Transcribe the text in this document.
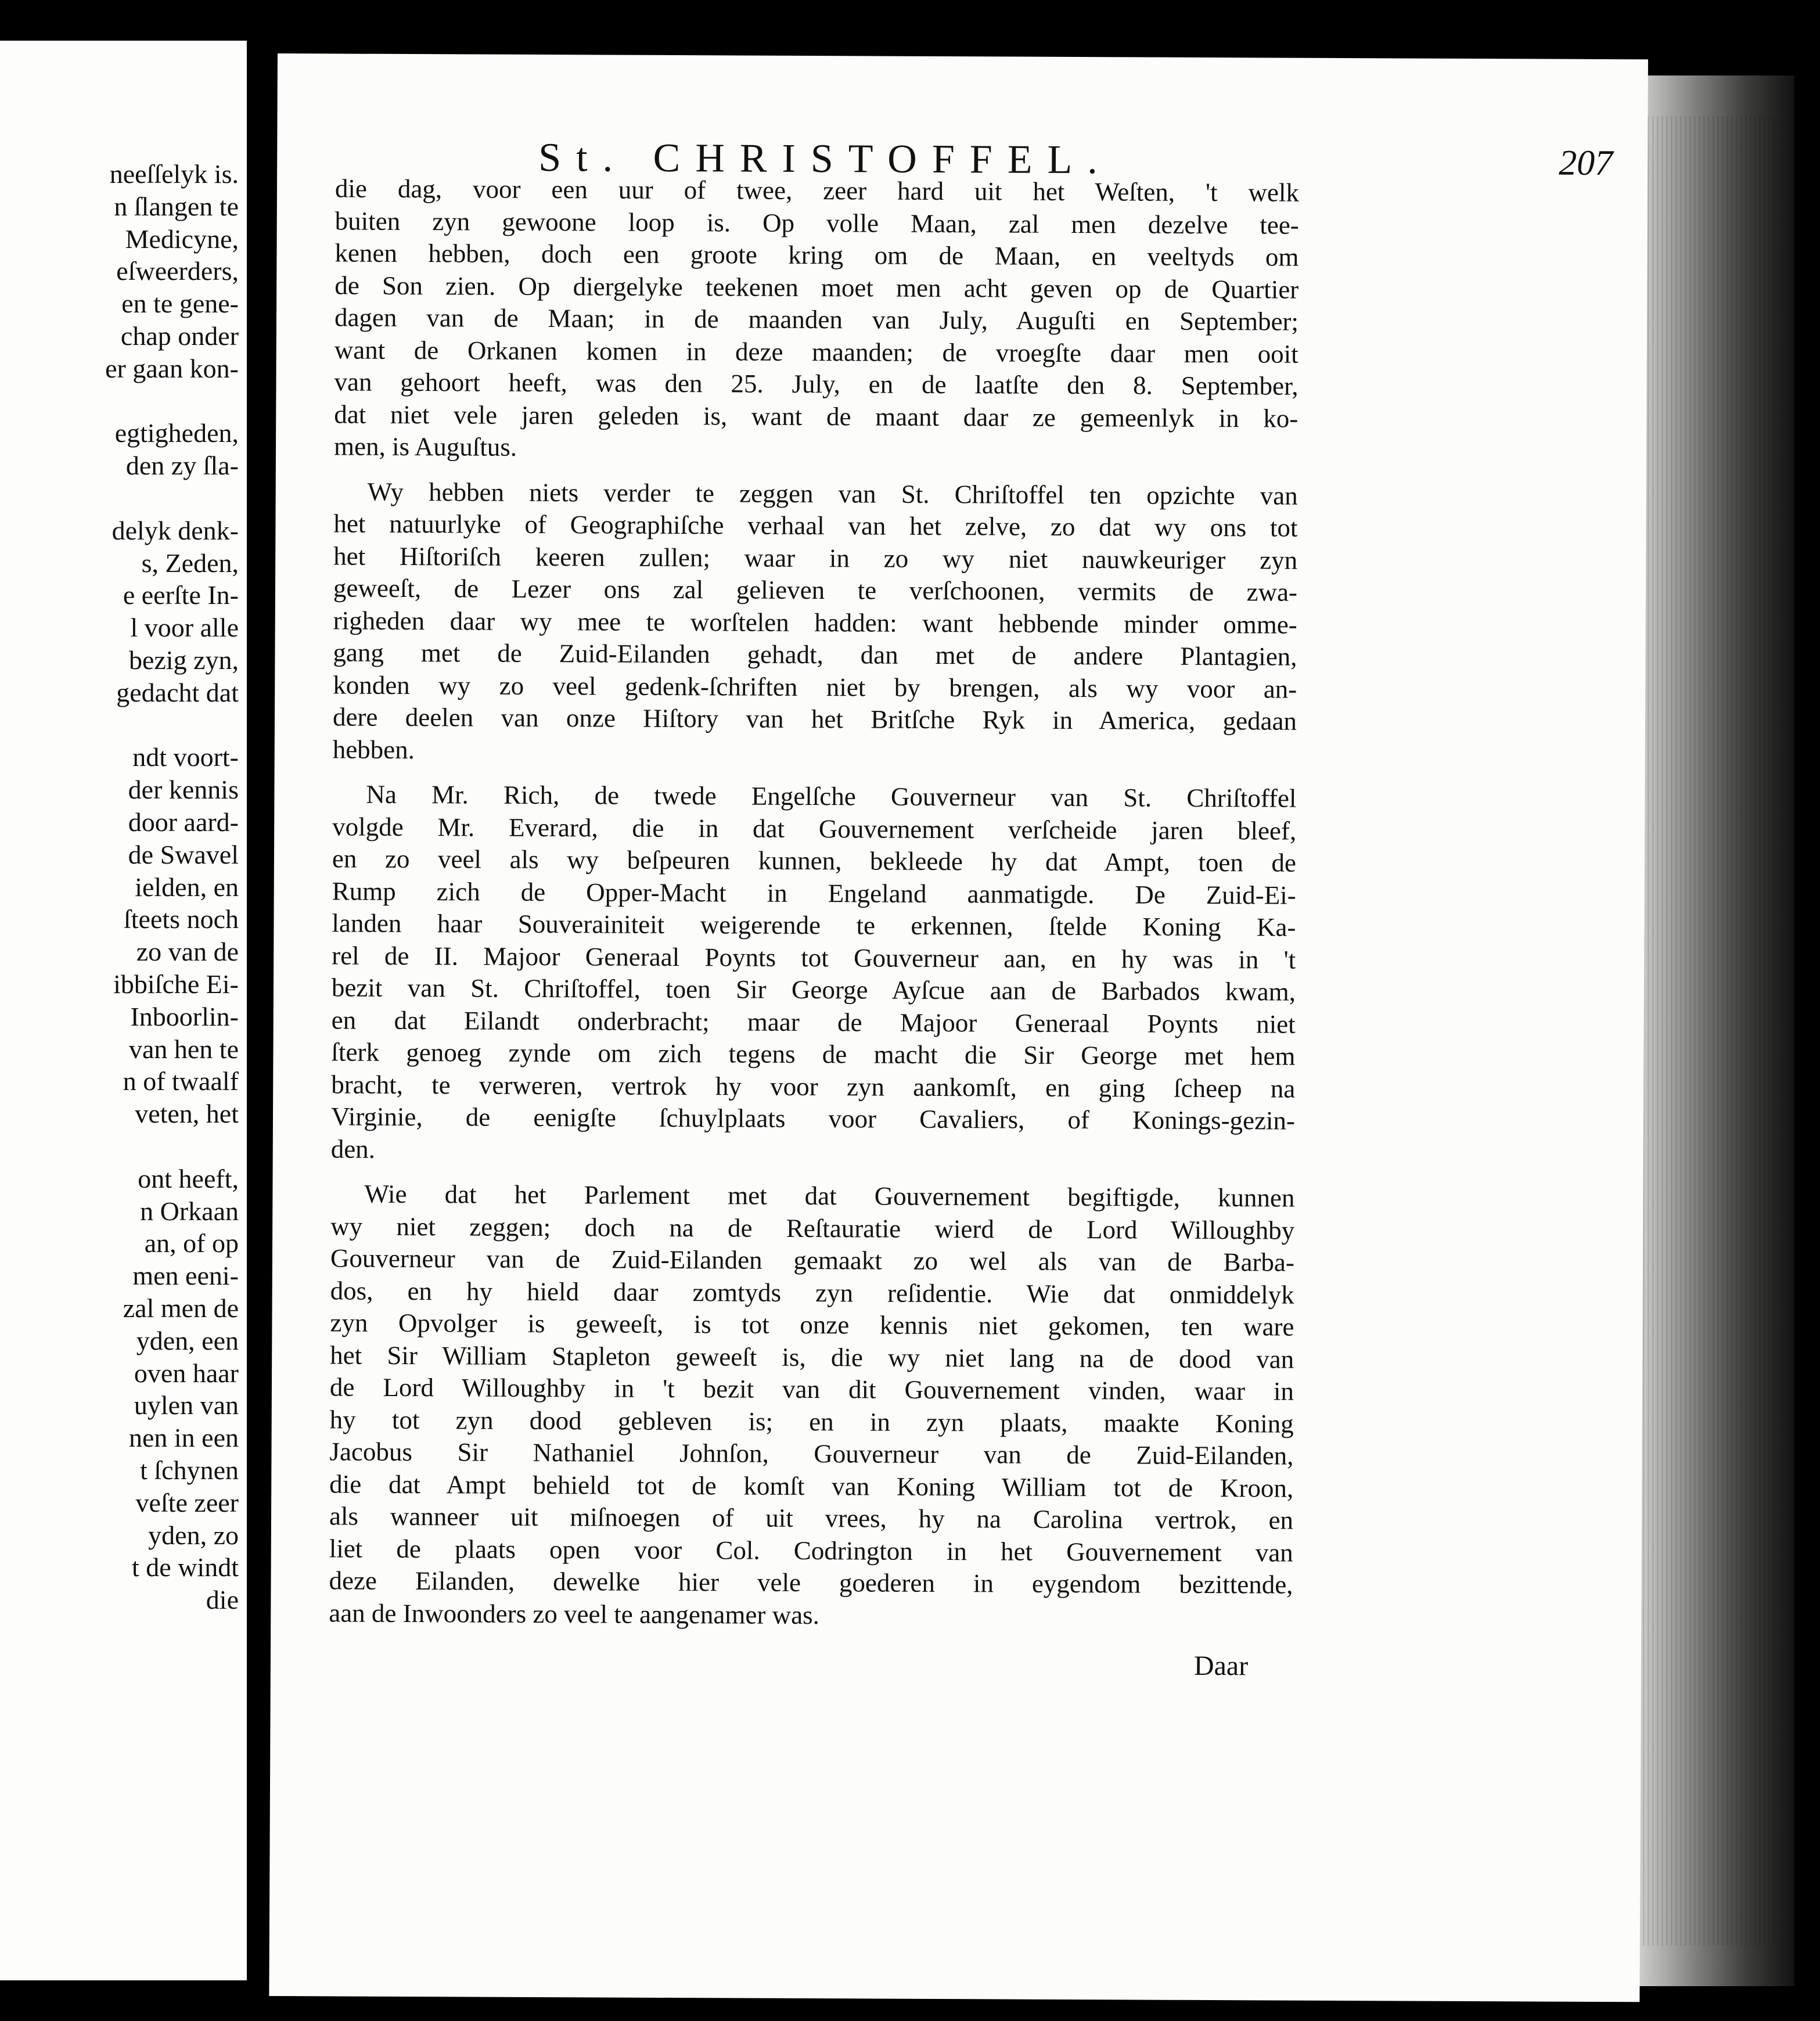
neeſſelyk is.
n ſlangen te
Medicyne,
eſweerders,
en te gene-
chap onder
er gaan kon-
egtigheden,
den zy ſla-
delyk denk-
s, Zeden,
e eerſte In-
l voor alle
bezig zyn,
gedacht dat
ndt voort-
der kennis
door aard-
de Swavel
ielden, en
ſteets noch
zo van de
ibbiſche Ei-
Inboorlin-
van hen te
n of twaalf
veten, het
ont heeft,
n Orkaan
an, of op
men eeni-
zal men de
yden, een
oven haar
uylen van
nen in een
t ſchynen
veſte zeer
yden, zo
t de windt
die
St. CHRISTOFFEL.	207
die dag, voor een uur of twee, zeer hard uit het Weſten, 't welk
buiten zyn gewoone loop is. Op volle Maan, zal men dezelve tee-
kenen hebben, doch een groote kring om de Maan, en veeltyds om
de Son zien. Op diergelyke teekenen moet men acht geven op de Quartier
dagen van de Maan; in de maanden van July, Auguſti en September;
want de Orkanen komen in deze maanden; de vroegſte daar men ooit
van gehoort heeft, was den 25. July, en de laatſte den 8. September,
dat niet vele jaren geleden is, want de maant daar ze gemeenlyk in ko-
men, is Auguſtus.
Wy hebben niets verder te zeggen van St. Chriſtoffel ten opzichte van
het natuurlyke of Geographiſche verhaal van het zelve, zo dat wy ons tot
het Hiſtoriſch keeren zullen; waar in zo wy niet nauwkeuriger zyn
geweeſt, de Lezer ons zal gelieven te verſchoonen, vermits de zwa-
righeden daar wy mee te worſtelen hadden: want hebbende minder omme-
gang met de Zuid-Eilanden gehadt, dan met de andere Plantagien,
konden wy zo veel gedenk-ſchriften niet by brengen, als wy voor an-
dere deelen van onze Hiſtory van het Britſche Ryk in America, gedaan
hebben.
Na Mr. Rich, de twede Engelſche Gouverneur van St. Chriſtoffel
volgde Mr. Everard, die in dat Gouvernement verſcheide jaren bleef,
en zo veel als wy beſpeuren kunnen, bekleede hy dat Ampt, toen de
Rump zich de Opper-Macht in Engeland aanmatigde. De Zuid-Ei-
landen haar Souverainiteit weigerende te erkennen, ſtelde Koning Ka-
rel de II. Majoor Generaal Poynts tot Gouverneur aan, en hy was in 't
bezit van St. Chriſtoffel, toen Sir George Ayſcue aan de Barbados kwam,
en dat Eilandt onderbracht; maar de Majoor Generaal Poynts niet
ſterk genoeg zynde om zich tegens de macht die Sir George met hem
bracht, te verweren, vertrok hy voor zyn aankomſt, en ging ſcheep na
Virginie, de eenigſte ſchuylplaats voor Cavaliers, of Konings-gezin-
den.
Wie dat het Parlement met dat Gouvernement begiftigde, kunnen
wy niet zeggen; doch na de Reſtauratie wierd de Lord Willoughby
Gouverneur van de Zuid-Eilanden gemaakt zo wel als van de Barba-
dos, en hy hield daar zomtyds zyn reſidentie. Wie dat onmiddelyk
zyn Opvolger is geweeſt, is tot onze kennis niet gekomen, ten ware
het Sir William Stapleton geweeſt is, die wy niet lang na de dood van
de Lord Willoughby in 't bezit van dit Gouvernement vinden, waar in
hy tot zyn dood gebleven is; en in zyn plaats, maakte Koning
Jacobus Sir Nathaniel Johnſon, Gouverneur van de Zuid-Eilanden,
die dat Ampt behield tot de komſt van Koning William tot de Kroon,
als wanneer uit miſnoegen of uit vrees, hy na Carolina vertrok, en
liet de plaats open voor Col. Codrington in het Gouvernement van
deze Eilanden, dewelke hier vele goederen in eygendom bezittende,
aan de Inwoonders zo veel te aangenamer was.
Daar
